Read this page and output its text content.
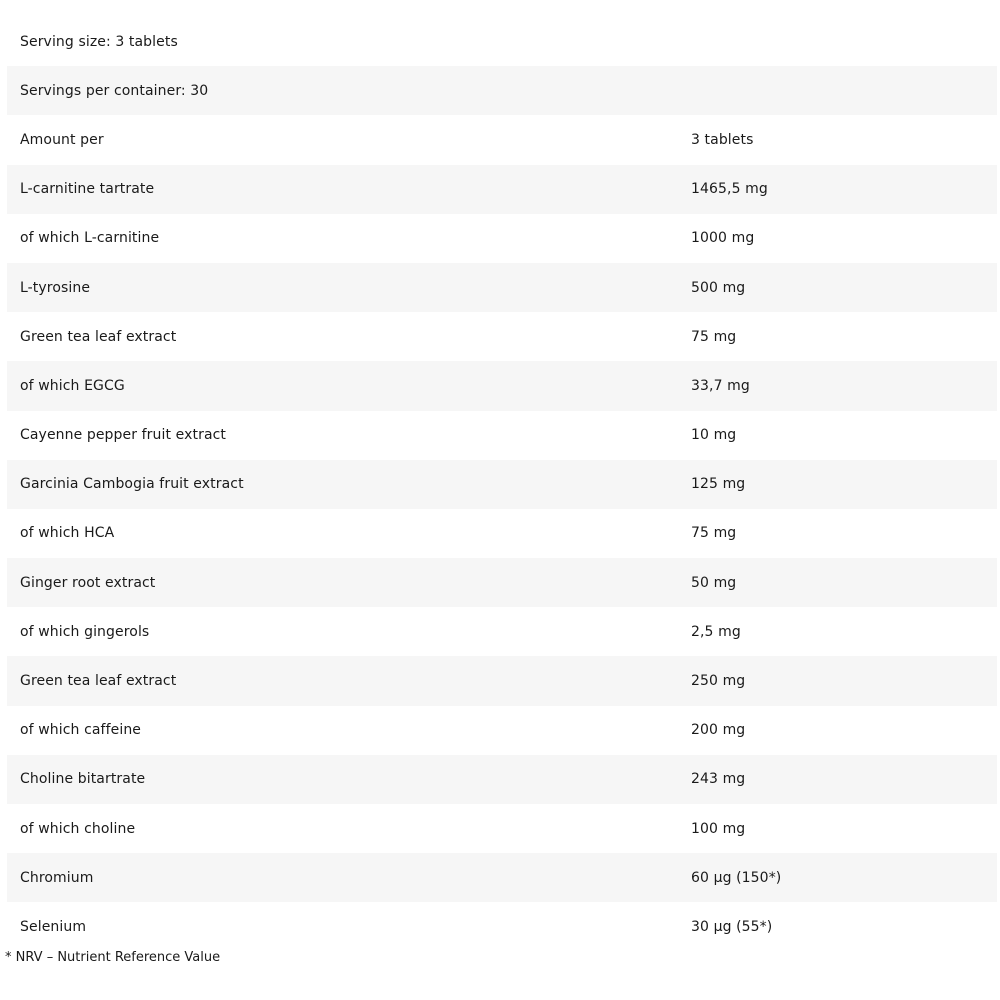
Serving size: 3 tablets
Servings per container: 30
Amount per	3 tablets
L-carnitine tartrate	1465,5 mg
of which L-carnitine	1000 mg
L-tyrosine	500 mg
Green tea leaf extract	75 mg
of which EGCG	33,7 mg
Cayenne pepper fruit extract	10 mg
Garcinia Cambogia fruit extract	125 mg
of which HCA	75 mg
Ginger root extract	50 mg
of which gingerols	2,5 mg
Green tea leaf extract	250 mg
of which caffeine	200 mg
Choline bitartrate	243 mg
of which choline	100 mg
Chromium	60 µg (150*)
Selenium	30 µg (55*)
* NRV – Nutrient Reference Value
